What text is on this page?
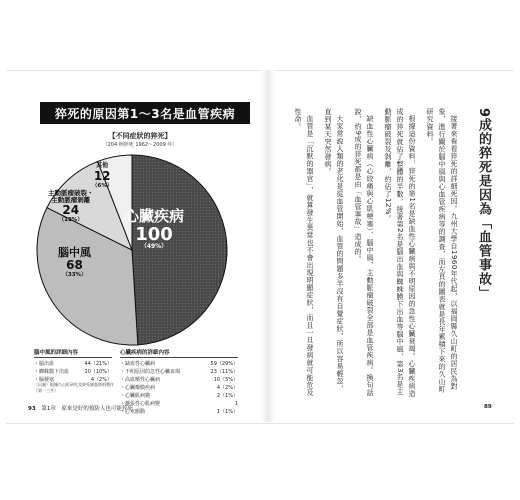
猝死的原因第1～3名是血管疾病
【不同症狀的猝死】
（204 例猝死 1962～2009 年）
心臟疾病
100
（49%）
腦中風
68
（33%）
主動脈瘤破裂・
主動脈瘤剝離
24
（12%）
其他
12
（6%）
腦中風的詳細內容
・腦出血	44（21%）
・蜘蛛膜下出血	20（10%）
・腦梗塞	4（2%）
心臟疾病的詳細內容
・缺血性心臟病	59（29%）
・不明原因的急性心臟衰竭	23（11%）
・高血壓性心臟病	10（5%）
・心臟瓣膜疾病	4（2%）
・心臟肌病變	2（1%）
・擴張性心肌病變	1
・心室顫動	1（1%）
（出處）根據久山町研究及猝死調查資料製作（第一三共）
93 第1章　原來是好的預防人也可能猝死
9成的猝死是因為「血管事故」

接著來看看猝死的詳細死因。九州大學自1960年代起，以福岡縣久山町的居民為對象，進行關於腦中風與心血管疾病等的調查，而左頁的圖表就是長年累積下來的久山町研究資料。

根據這份資料，猝死的第1名是缺血性心臟病與不明原因的急性心臟衰竭。心臟疾病造成的猝死就佔了整體的半數，接著第2名是腦出血與蜘蛛膜下出血等腦中風，第3名是主動脈瘤破裂及剝離，約佔了12%。

缺血性心臟病（心絞痛與心肌梗塞）、腦中風，主動脈瘤破裂全部是血管疾病。換句話說，約9成的猝死都是由「血管事故」造成的。

大家常說人類的老化是從血管開始，血管的問題多半沒有自覺症狀，所以容易輕忽，直到某天突然發病。

血管是「沉默的器官」，就算發生異常也不會出現明顯症狀，而且一旦發病就可能危及性命。

89
